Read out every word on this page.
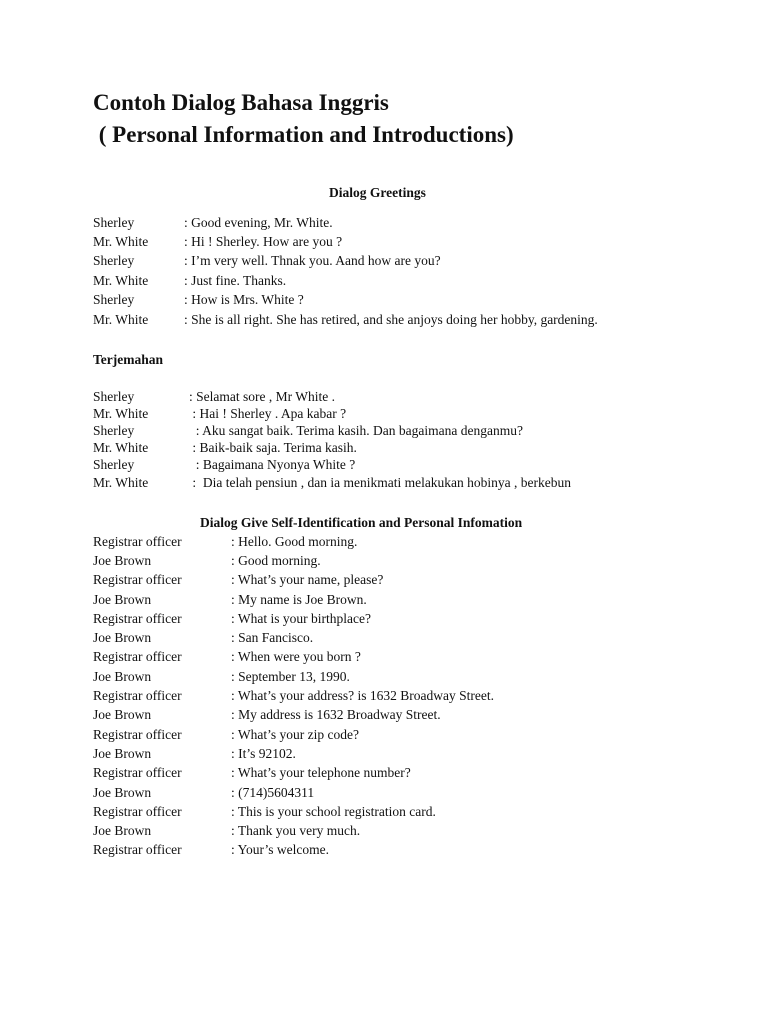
Contoh Dialog Bahasa Inggris
( Personal Information and Introductions)
Dialog Greetings
Sherley	: Good evening, Mr. White.
Mr. White	: Hi ! Sherley. How are you ?
Sherley	: I’m very well. Thnak you. Aand how are you?
Mr. White	: Just fine. Thanks.
Sherley	: How is Mrs. White ?
Mr. White	: She is all right. She has retired, and she anjoys doing her hobby, gardening.
Terjemahan
Sherley	: Selamat sore , Mr White .
Mr. White	: Hai ! Sherley . Apa kabar ?
Sherley	: Aku sangat baik. Terima kasih. Dan bagaimana denganmu?
Mr. White	: Baik-baik saja. Terima kasih.
Sherley	: Bagaimana Nyonya White ?
Mr. White	:  Dia telah pensiun , dan ia menikmati melakukan hobinya , berkebun
Dialog Give Self-Identification and Personal Infomation
Registrar officer	: Hello. Good morning.
Joe Brown	: Good morning.
Registrar officer	: What’s your name, please?
Joe Brown	: My name is Joe Brown.
Registrar officer	: What is your birthplace?
Joe Brown	: San Fancisco.
Registrar officer	: When were you born ?
Joe Brown	: September 13, 1990.
Registrar officer	: What’s your address? is 1632 Broadway Street.
Joe Brown	: My address is 1632 Broadway Street.
Registrar officer	: What’s your zip code?
Joe Brown	: It’s 92102.
Registrar officer	: What’s your telephone number?
Joe Brown	: (714)5604311
Registrar officer	: This is your school registration card.
Joe Brown	: Thank you very much.
Registrar officer	: Your’s welcome.
